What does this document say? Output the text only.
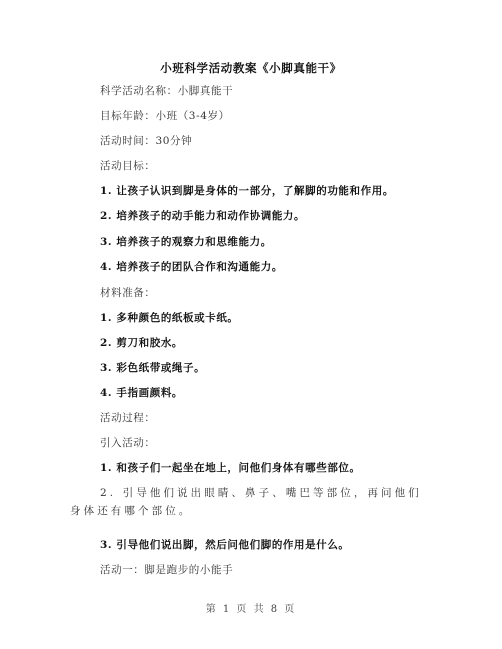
小班科学活动教案《小脚真能干》
科学活动名称：小脚真能干
目标年龄：小班（3-4岁）
活动时间：30分钟
活动目标：
1. 让孩子认识到脚是身体的一部分，了解脚的功能和作用。
2. 培养孩子的动手能力和动作协调能力。
3. 培养孩子的观察力和思维能力。
4. 培养孩子的团队合作和沟通能力。
材料准备：
1. 多种颜色的纸板或卡纸。
2. 剪刀和胶水。
3. 彩色纸带或绳子。
4. 手指画颜料。
活动过程：
引入活动：
1. 和孩子们一起坐在地上，问他们身体有哪些部位。
2. 引导他们说出眼睛、鼻子、嘴巴等部位，再问他们身体还有哪个部位。
3. 引导他们说出脚，然后问他们脚的作用是什么。
活动一：脚是跑步的小能手
第 1 页 共 8 页
